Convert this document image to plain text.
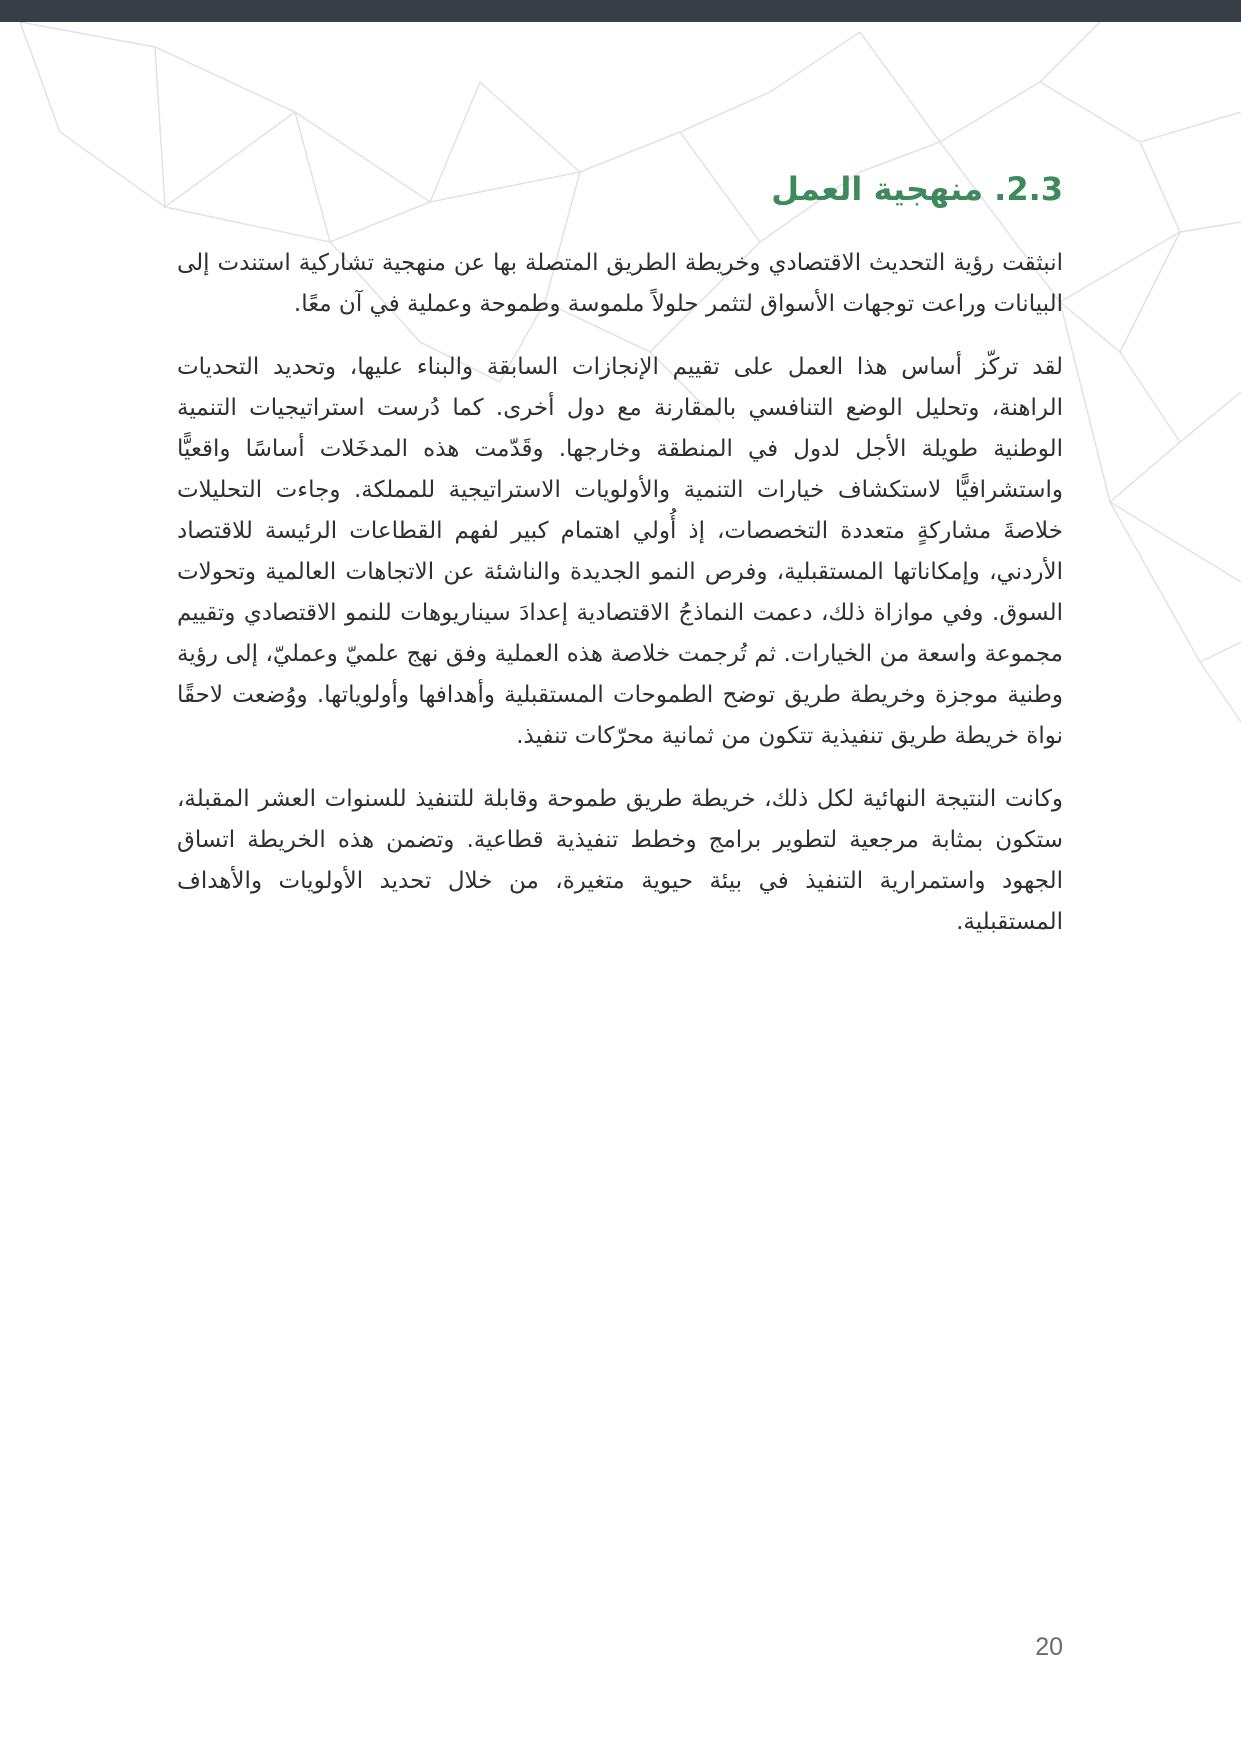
2.3. منهجية العمل

انبثقت رؤية التحديث الاقتصادي وخريطة الطريق المتصلة بها عن منهجية تشاركية استندت إلى البيانات وراعت توجهات الأسواق لتثمر حلولاً ملموسة وطموحة وعملية في آن معًا.

لقد تركّز أساس هذا العمل على تقييم الإنجازات السابقة والبناء عليها، وتحديد التحديات الراهنة، وتحليل الوضع التنافسي بالمقارنة مع دول أخرى. كما دُرست استراتيجيات التنمية الوطنية طويلة الأجل لدول في المنطقة وخارجها. وقَدّمت هذه المدخَلات أساسًا واقعيًّا واستشرافيًّا لاستكشاف خيارات التنمية والأولويات الاستراتيجية للمملكة. وجاءت التحليلات خلاصةَ مشاركةٍ متعددة التخصصات، إذ أُولي اهتمام كبير لفهم القطاعات الرئيسة للاقتصاد الأردني، وإمكاناتها المستقبلية، وفرص النمو الجديدة والناشئة عن الاتجاهات العالمية وتحولات السوق. وفي موازاة ذلك، دعمت النماذجُ الاقتصادية إعدادَ سيناريوهات للنمو الاقتصادي وتقييم مجموعة واسعة من الخيارات. ثم تُرجمت خلاصة هذه العملية وفق نهج علميّ وعمليّ، إلى رؤية وطنية موجزة وخريطة طريق توضح الطموحات المستقبلية وأهدافها وأولوياتها. ووُضعت لاحقًا نواة خريطة طريق تنفيذية تتكون من ثمانية محرّكات تنفيذ.

وكانت النتيجة النهائية لكل ذلك، خريطة طريق طموحة وقابلة للتنفيذ للسنوات العشر المقبلة، ستكون بمثابة مرجعية لتطوير برامج وخطط تنفيذية قطاعية. وتضمن هذه الخريطة اتساق الجهود واستمرارية التنفيذ في بيئة حيوية متغيرة، من خلال تحديد الأولويات والأهداف المستقبلية.

20
